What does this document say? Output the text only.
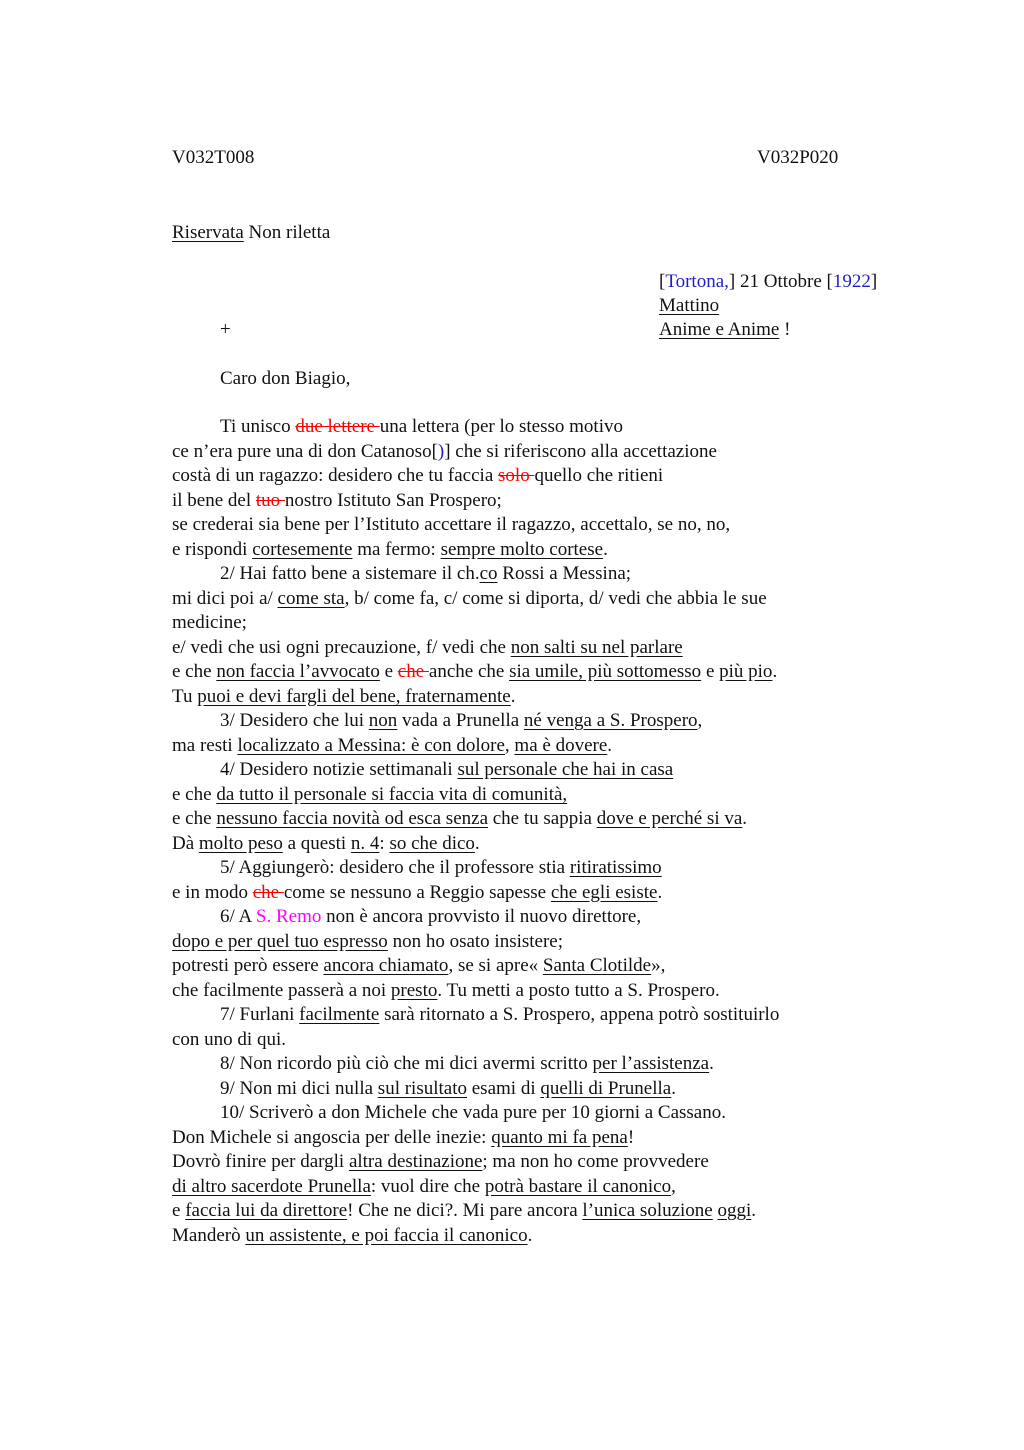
V032T008	V032P020
Riservata Non riletta
[Tortona,] 21 Ottobre [1922]
Mattino
Anime e Anime !
+
Caro don Biagio,
Ti unisco due lettere una lettera (per lo stesso motivo
ce n’era pure una di don Catanoso[)] che si riferiscono alla accettazione
costà di un ragazzo: desidero che tu faccia solo quello che ritieni
il bene del tuo nostro Istituto San Prospero;
se crederai sia bene per l’Istituto accettare il ragazzo, accettalo, se no, no,
e rispondi cortesemente ma fermo: sempre molto cortese.
2/ Hai fatto bene a sistemare il ch.co Rossi a Messina;
mi dici poi a/ come sta, b/ come fa, c/ come si diporta, d/ vedi che abbia le sue
medicine;
e/ vedi che usi ogni precauzione, f/ vedi che non salti su nel parlare
e che non faccia l’avvocato e che anche che sia umile, più sottomesso e più pio.
Tu puoi e devi fargli del bene, fraternamente.
3/ Desidero che lui non vada a Prunella né venga a S. Prospero,
ma resti localizzato a Messina: è con dolore, ma è dovere.
4/ Desidero notizie settimanali sul personale che hai in casa
e che da tutto il personale si faccia vita di comunità,
e che nessuno faccia novità od esca senza che tu sappia dove e perché si va.
Dà molto peso a questi n. 4: so che dico.
5/ Aggiungerò: desidero che il professore stia ritiratissimo
e in modo che come se nessuno a Reggio sapesse che egli esiste.
6/ A S. Remo non è ancora provvisto il nuovo direttore,
dopo e per quel tuo espresso non ho osato insistere;
potresti però essere ancora chiamato, se si apre« Santa Clotilde»,
che facilmente passerà a noi presto. Tu metti a posto tutto a S. Prospero.
7/ Furlani facilmente sarà ritornato a S. Prospero, appena potrò sostituirlo
con uno di qui.
8/ Non ricordo più ciò che mi dici avermi scritto per l’assistenza.
9/ Non mi dici nulla sul risultato esami di quelli di Prunella.
10/ Scriverò a don Michele che vada pure per 10 giorni a Cassano.
Don Michele si angoscia per delle inezie: quanto mi fa pena!
Dovrò finire per dargli altra destinazione; ma non ho come provvedere
di altro sacerdote Prunella: vuol dire che potrà bastare il canonico,
e faccia lui da direttore! Che ne dici?. Mi pare ancora l’unica soluzione oggi.
Manderò un assistente, e poi faccia il canonico.
